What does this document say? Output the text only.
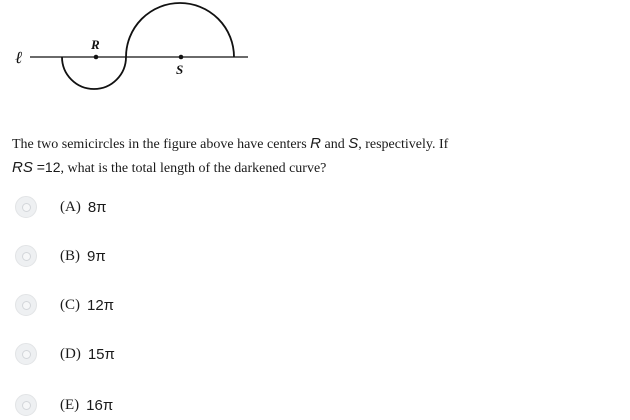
ℓ
R
S
The two semicircles in the figure above have centers R and S, respectively. If
RS =12, what is the total length of the darkened curve?
(A) 8π
(B) 9π
(C) 12π
(D) 15π
(E) 16π
